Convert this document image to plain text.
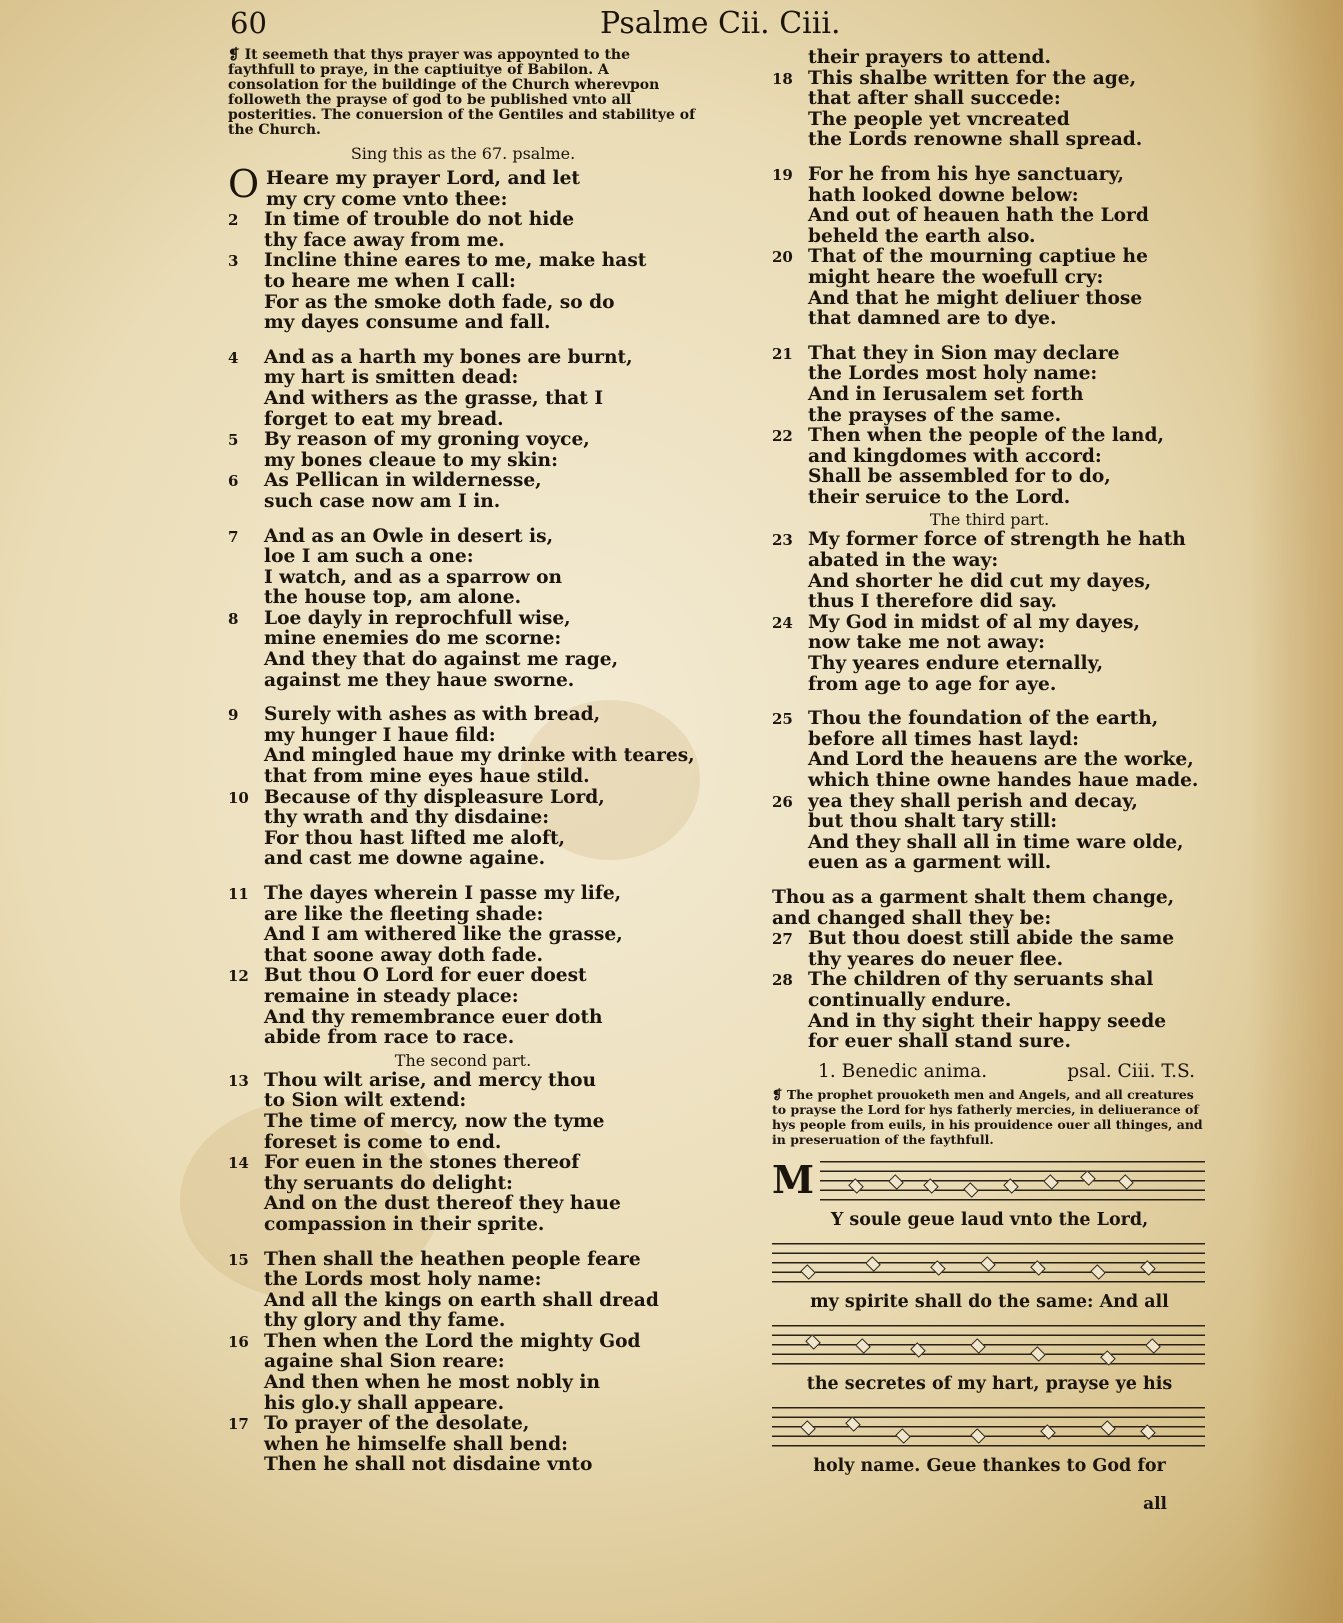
60	Psalme Cii. Ciii.

❡ It seemeth that thys prayer was appoynted to the faythfull to praye, in the captiuitye of Babilon. A consolation for the buildinge of the Church wherevpon followeth the prayse of god to be published vnto all posterities. The conuersion of the Gentiles and stabilitye of the Church.

Sing this as the 67. psalme.

O Heare my prayer Lord, and let
my cry come vnto thee:

2 In time of trouble do not hide
thy face away from me.

3 Incline thine eares to me, make hast
to heare me when I call:
For as the smoke doth fade, so do
my dayes consume and fall.

4 And as a harth my bones are burnt,
my hart is smitten dead:
And withers as the grasse, that I
forget to eat my bread.

5 By reason of my groning voyce,
my bones cleaue to my skin:

6 As Pellican in wildernesse,
such case now am I in.

7 And as an Owle in desert is,
loe I am such a one:
I watch, and as a sparrow on
the house top, am alone.

8 Loe dayly in reprochfull wise,
mine enemies do me scorne:
And they that do against me rage,
against me they haue sworne.

9 Surely with ashes as with bread,
my hunger I haue fild:
And mingled haue my drinke with teares,
that from mine eyes haue stild.

10 Because of thy displeasure Lord,
thy wrath and thy disdaine:
For thou hast lifted me aloft,
and cast me downe againe.

11 The dayes wherein I passe my life,
are like the fleeting shade:
And I am withered like the grasse,
that soone away doth fade.

12 But thou O Lord for euer doest
remaine in steady place:
And thy remembrance euer doth
abide from race to race.

The second part.

13 Thou wilt arise, and mercy thou
to Sion wilt extend:
The time of mercy, now the tyme
foreset is come to end.

14 For euen in the stones thereof
thy seruants do delight:
And on the dust thereof they haue
compassion in their sprite.

15 Then shall the heathen people feare
the Lords most holy name:
And all the kings on earth shall dread
thy glory and thy fame.

16 Then when the Lord the mighty God
againe shal Sion reare:
And then when he most nobly in
his glo.y shall appeare.

17 To prayer of the desolate,
when he himselfe shall bend:
Then he shall not disdaine vnto

their prayers to attend.

18 This shalbe written for the age,
that after shall succede:
The people yet vncreated
the Lords renowne shall spread.

19 For he from his hye sanctuary,
hath looked downe below:
And out of heauen hath the Lord
beheld the earth also.

20 That of the mourning captiue he
might heare the woefull cry:
And that he might deliuer those
that damned are to dye.

21 That they in Sion may declare
the Lordes most holy name:
And in Ierusalem set forth
the prayses of the same.

22 Then when the people of the land,
and kingdomes with accord:
Shall be assembled for to do,
their seruice to the Lord.

The third part.

23 My former force of strength he hath
abated in the way:
And shorter he did cut my dayes,
thus I therefore did say.

24 My God in midst of al my dayes,
now take me not away:
Thy yeares endure eternally,
from age to age for aye.

25 Thou the foundation of the earth,
before all times hast layd:
And Lord the heauens are the worke,
which thine owne handes haue made.

26 yea they shall perish and decay,
but thou shalt tary still:
And they shall all in time ware olde,
euen as a garment will.

Thou as a garment shalt them change,
and changed shall they be:

27 But thou doest still abide the same
thy yeares do neuer flee.

28 The children of thy seruants shal
continually endure.
And in thy sight their happy seede
for euer shall stand sure.

1. Benedic anima.	psal. Ciii. T.S.

❡ The prophet prouoketh men and Angels, and all creatures to prayse the Lord for hys fatherly mercies, in deliuerance of hys people from euils, in his prouidence ouer all thinges, and in preseruation of the faythfull.

M

Y soule geue laud vnto the Lord,

my spirite shall do the same: And all

the secretes of my hart, prayse ye his

holy name. Geue thankes to God for

all
